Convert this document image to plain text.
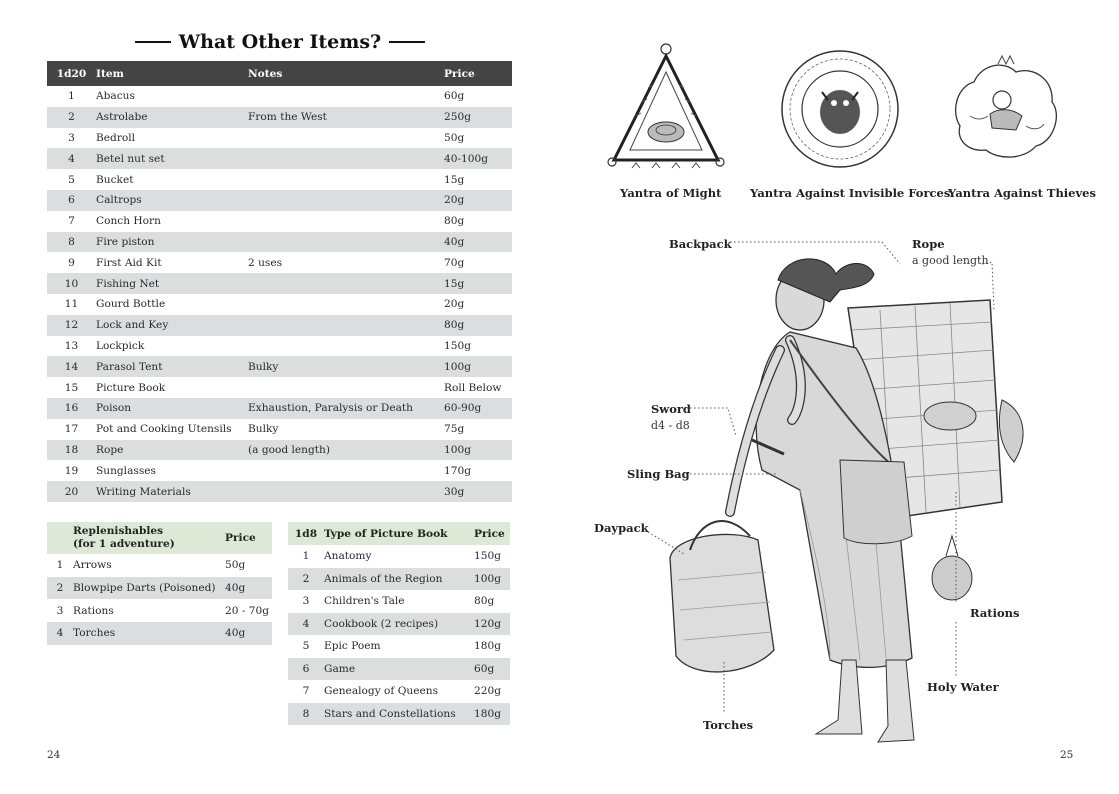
What Other Items?
1d20	Item	Notes	Price
1	Abacus		60g
2	Astrolabe	From the West	250g
3	Bedroll		50g
4	Betel nut set		40-100g
5	Bucket		15g
6	Caltrops		20g
7	Conch Horn		80g
8	Fire piston		40g
9	First Aid Kit	2 uses	70g
10	Fishing Net		15g
11	Gourd Bottle		20g
12	Lock and Key		80g
13	Lockpick		150g
14	Parasol Tent	Bulky	100g
15	Picture Book		Roll Below
16	Poison	Exhaustion, Paralysis or Death	60-90g
17	Pot and Cooking Utensils	Bulky	75g
18	Rope	(a good length)	100g
19	Sunglasses		170g
20	Writing Materials		30g

	Replenishables
(for 1 adventure)	Price
1	Arrows	50g
2	Blowpipe Darts (Poisoned)	40g
3	Rations	20 - 70g
4	Torches	40g
1d8	Type of Picture Book	Price
1	Anatomy	150g
2	Animals of the Region	100g
3	Children's Tale	80g
4	Cookbook (2 recipes)	120g
5	Epic Poem	180g
6	Game	60g
7	Genealogy of Queens	220g
8	Stars and Constellations	180g
24	25
Yantra of Might Yantra Against Invisible Forces
Yantra Against Thieves
Backpack	Rope
a good length
Sword
d4 - d8
Sling Bag
Daypack
Rations
Holy Water
Torches
